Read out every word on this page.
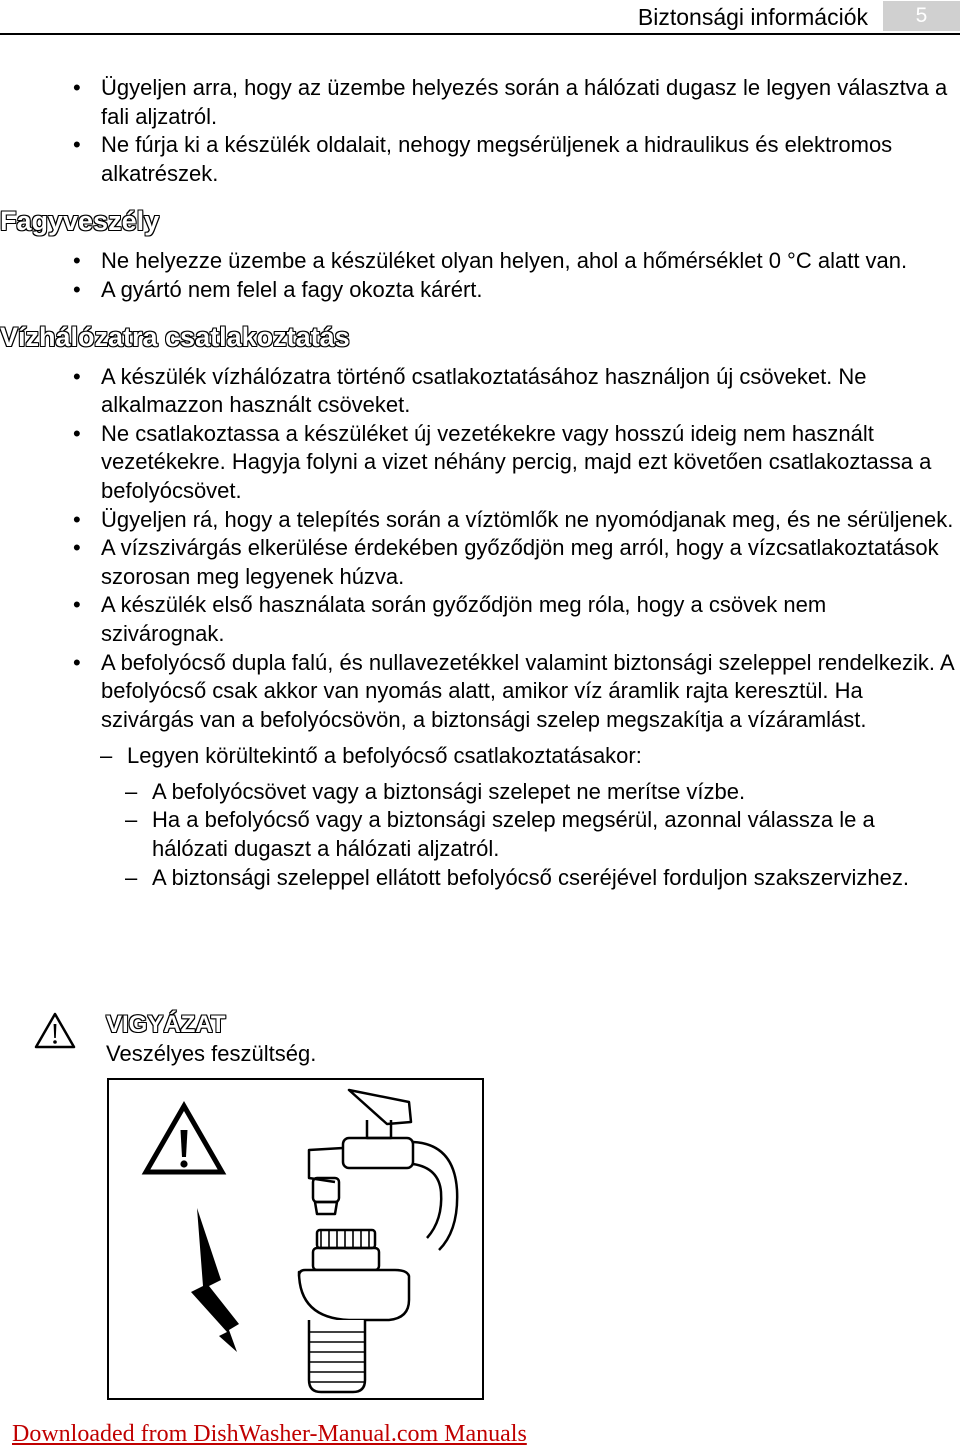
Biztonsági információk	5
• Ügyeljen arra, hogy az üzembe helyezés során a hálózati dugasz le legyen választva a fali aljzatról.
• Ne fúrja ki a készülék oldalait, nehogy megsérüljenek a hidraulikus és elektromos alkatrészek.
Fagyveszély
• Ne helyezze üzembe a készüléket olyan helyen, ahol a hőmérséklet 0 °C alatt van.
• A gyártó nem felel a fagy okozta kárért.
Vízhálózatra csatlakoztatás
• A készülék vízhálózatra történő csatlakoztatásához használjon új csöveket. Ne alkalmazzon használt csöveket.
• Ne csatlakoztassa a készüléket új vezetékekre vagy hosszú ideig nem használt vezetékekre. Hagyja folyni a vizet néhány percig, majd ezt követően csatlakoztassa a befolyócsövet.
• Ügyeljen rá, hogy a telepítés során a víztömlők ne nyomódjanak meg, és ne sérüljenek.
• A vízszivárgás elkerülése érdekében győződjön meg arról, hogy a vízcsatlakoztatások szorosan meg legyenek húzva.
• A készülék első használata során győződjön meg róla, hogy a csövek nem szivárognak.
• A befolyócső dupla falú, és nullavezetékkel valamint biztonsági szeleppel rendelkezik. A befolyócső csak akkor van nyomás alatt, amikor víz áramlik rajta keresztül. Ha szivárgás van a befolyócsövön, a biztonsági szelep megszakítja a vízáramlást.
– Legyen körültekintő a befolyócső csatlakoztatásakor:
– A befolyócsövet vagy a biztonsági szelepet ne merítse vízbe.
– Ha a befolyócső vagy a biztonsági szelep megsérül, azonnal válassza le a hálózati dugaszt a hálózati aljzatról.
– A biztonsági szeleppel ellátott befolyócső cseréjével forduljon szakszervizhez.
VIGYÁZAT
Veszélyes feszültség.
Downloaded from DishWasher-Manual.com Manuals
